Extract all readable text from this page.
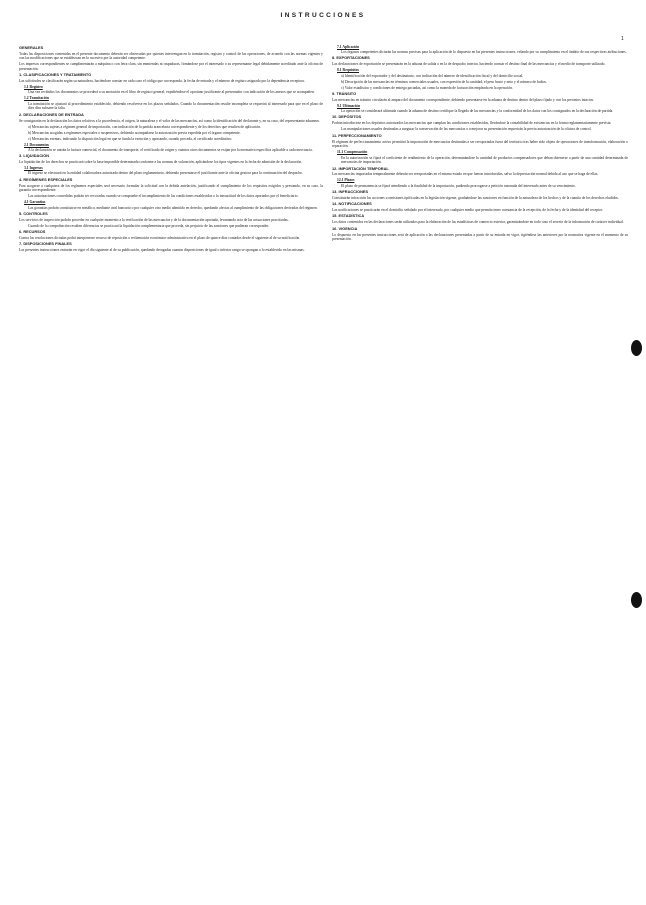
INSTRUCCIONES
1
GENERALES
Todas las disposiciones contenidas en el presente documento deberán ser observadas por quienes intervengan en la tramitación, registro y control de las operaciones, de acuerdo con las normas vigentes y con las modificaciones que se establezcan en lo sucesivo por la autoridad competente.
Los impresos correspondientes se cumplimentarán a máquina o con letra clara, sin enmiendas ni raspaduras, firmándose por el interesado o su representante legal debidamente acreditado ante la oficina de presentación.
1. CLASIFICACIONES Y TRATAMIENTO
Las solicitudes se clasificarán según su naturaleza, haciéndose constar en cada caso el código que corresponda, la fecha de entrada y el número de registro asignado por la dependencia receptora.
1.1 Registro
Una vez recibidos los documentos se procederá a su anotación en el libro de registro general, expidiéndose el oportuno justificante al presentador con indicación de los anexos que se acompañen.
1.2 Tramitación
La tramitación se ajustará al procedimiento establecido, debiendo resolverse en los plazos señalados. Cuando la documentación resulte incompleta se requerirá al interesado para que en el plazo de diez días subsane la falta.
2. DECLARACIONES DE ENTRADA
Se consignarán en la declaración los datos relativos a la procedencia, el origen, la naturaleza y el valor de las mercancías, así como la identificación del declarante y, en su caso, del representante aduanero.
a) Mercancías sujetas a régimen general de importación, con indicación de la partida arancelaria correspondiente y de los derechos que resulten de aplicación.
b) Mercancías acogidas a regímenes especiales o suspensivos, debiendo acompañarse la autorización previa expedida por el órgano competente.
c) Mercancías exentas, indicando la disposición legal en que se funda la exención y aportando, cuando proceda, el certificado acreditativo.
2.1 Documentos
A la declaración se unirán la factura comercial, el documento de transporte, el certificado de origen y cuantos otros documentos se exijan por la normativa específica aplicable a cada mercancía.
3. LIQUIDACIÓN
La liquidación de los derechos se practicará sobre la base imponible determinada conforme a las normas de valoración, aplicándose los tipos vigentes en la fecha de admisión de la declaración.
3.1 Ingresos
El ingreso se efectuará en la entidad colaboradora autorizada dentro del plazo reglamentario, debiendo presentarse el justificante ante la oficina gestora para la continuación del despacho.
4. REGÍMENES ESPECIALES
Para acogerse a cualquiera de los regímenes especiales será necesario formular la solicitud con la debida antelación, justificando el cumplimiento de los requisitos exigidos y prestando, en su caso, la garantía correspondiente.
Las autorizaciones concedidas podrán ser revocadas cuando se compruebe el incumplimiento de las condiciones establecidas o la inexactitud de los datos aportados por el beneficiario.
4.1 Garantías
Las garantías podrán constituirse en metálico, mediante aval bancario o por cualquier otro medio admitido en derecho, quedando afectas al cumplimiento de las obligaciones derivadas del régimen.
5. CONTROLES
Los servicios de inspección podrán proceder en cualquier momento a la verificación de las mercancías y de la documentación aportada, levantando acta de las actuaciones practicadas.
Cuando de la comprobación resulten diferencias se practicará la liquidación complementaria que proceda, sin perjuicio de las sanciones que pudieran corresponder.
6. RECURSOS
Contra las resoluciones dictadas podrá interponerse recurso de reposición o reclamación económico-administrativa en el plazo de quince días contados desde el siguiente al de su notificación.
7. DISPOSICIONES FINALES
Las presentes instrucciones entrarán en vigor el día siguiente al de su publicación, quedando derogadas cuantas disposiciones de igual o inferior rango se opongan a lo establecido en las mismas.
7.1 Aplicación
Los órganos competentes dictarán las normas precisas para la aplicación de lo dispuesto en las presentes instrucciones, velando por su cumplimiento en el ámbito de sus respectivas atribuciones.
8. EXPORTACIONES
Las declaraciones de exportación se presentarán en la aduana de salida o en la de despacho interior, haciendo constar el destino final de las mercancías y el medio de transporte utilizado.
8.1 Requisitos
a) Identificación del exportador y del destinatario, con indicación del número de identificación fiscal y del domicilio social.
b) Descripción de las mercancías en términos comerciales usuales, con expresión de la cantidad, el peso bruto y neto y el número de bultos.
c) Valor estadístico y condiciones de entrega pactadas, así como la moneda de facturación empleada en la operación.
9. TRÁNSITO
Las mercancías en tránsito circularán al amparo del documento correspondiente, debiendo presentarse en la aduana de destino dentro del plazo fijado y con los precintos intactos.
9.1 Ultimación
La operación se considerará ultimada cuando la aduana de destino certifique la llegada de las mercancías y la conformidad de los datos con los consignados en la declaración de partida.
10. DEPÓSITOS
Podrán introducirse en los depósitos autorizados las mercancías que cumplan las condiciones establecidas, llevándose la contabilidad de existencias en la forma reglamentariamente prevista.
Las manipulaciones usuales destinadas a asegurar la conservación de las mercancías o a mejorar su presentación requerirán la previa autorización de la oficina de control.
11. PERFECCIONAMIENTO
El régimen de perfeccionamiento activo permitirá la importación de mercancías destinadas a ser reexportadas fuera del territorio tras haber sido objeto de operaciones de transformación, elaboración o reparación.
11.1 Compensación
En la autorización se fijará el coeficiente de rendimiento de la operación, determinándose la cantidad de productos compensadores que deban obtenerse a partir de una cantidad determinada de mercancías de importación.
12. IMPORTACIÓN TEMPORAL
Las mercancías importadas temporalmente deberán ser reexportadas en el mismo estado en que fueron introducidas, salvo la depreciación normal debida al uso que se haga de ellas.
12.1 Plazos
El plazo de permanencia se fijará atendiendo a la finalidad de la importación, pudiendo prorrogarse a petición razonada del interesado antes de su vencimiento.
13. INFRACCIONES
Constituirán infracción las acciones u omisiones tipificadas en la legislación vigente, graduándose las sanciones en función de la naturaleza de los hechos y de la cuantía de los derechos eludidos.
14. NOTIFICACIONES
Las notificaciones se practicarán en el domicilio señalado por el interesado, por cualquier medio que permita tener constancia de la recepción, de la fecha y de la identidad del receptor.
15. ESTADÍSTICA
Los datos contenidos en las declaraciones serán utilizados para la elaboración de las estadísticas de comercio exterior, garantizándose en todo caso el secreto de la información de carácter individual.
16. VIGENCIA
Lo dispuesto en las presentes instrucciones será de aplicación a las declaraciones presentadas a partir de su entrada en vigor, rigiéndose las anteriores por la normativa vigente en el momento de su presentación.
